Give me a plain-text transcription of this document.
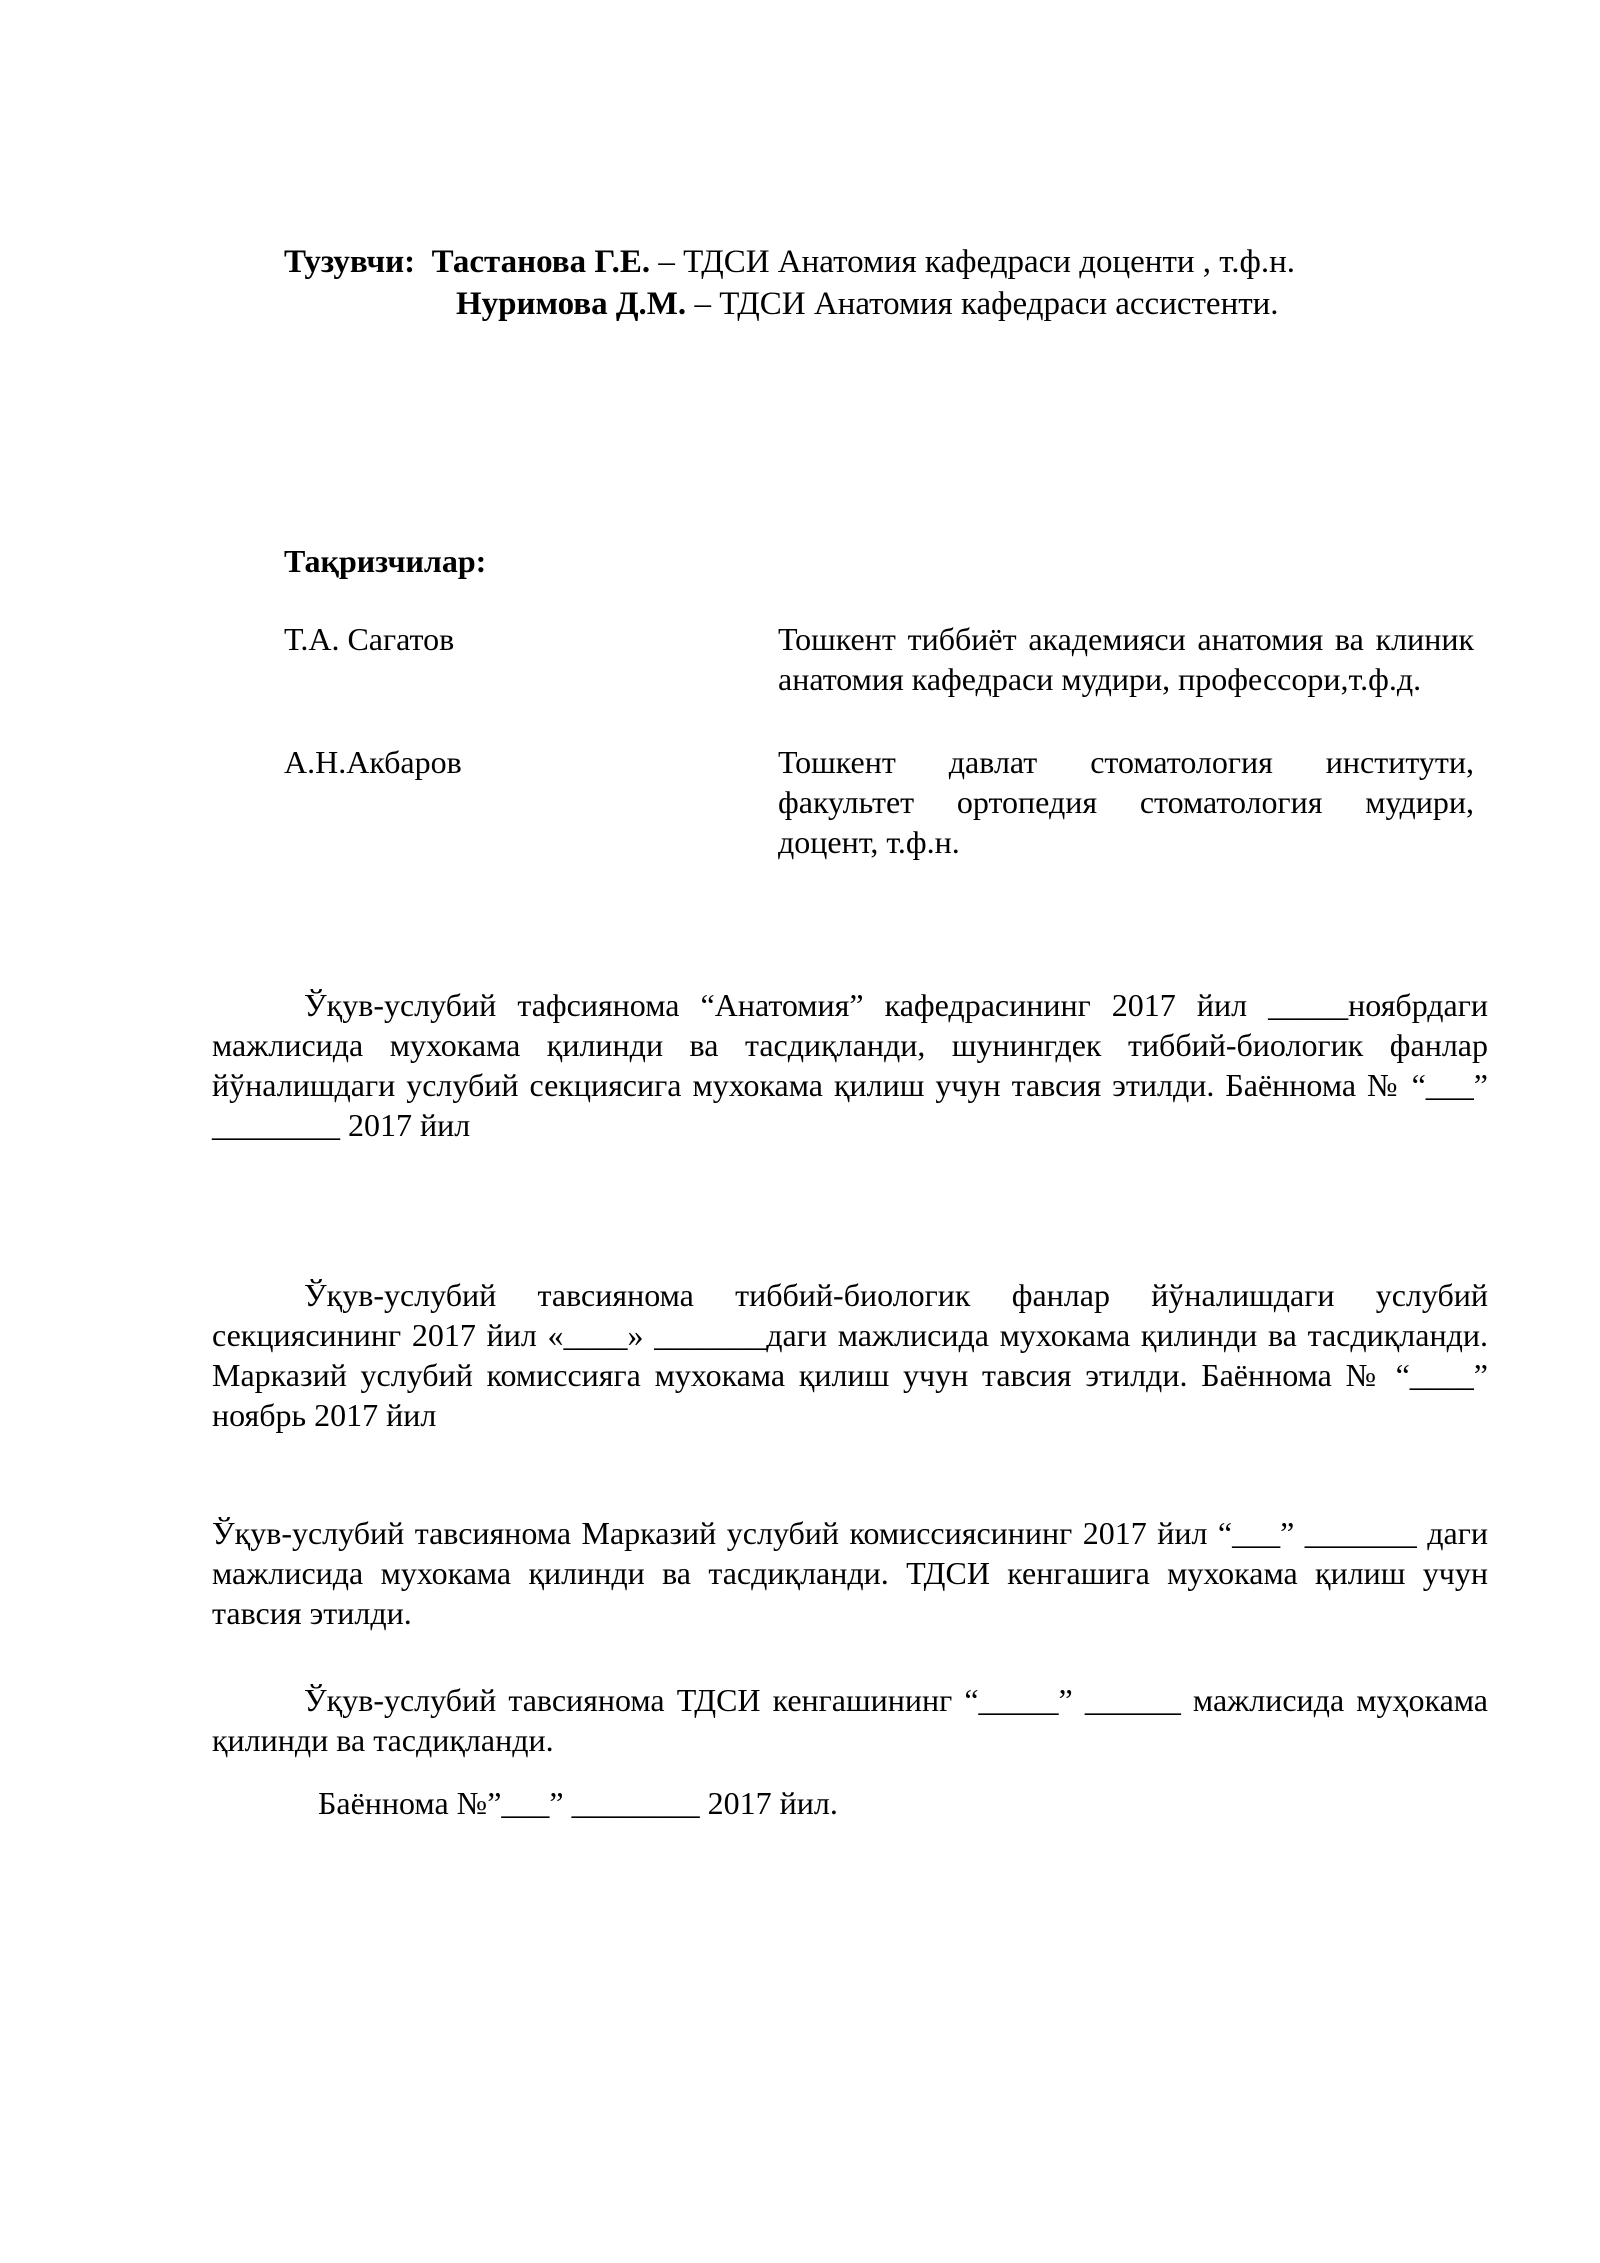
Тузувчи: Тастанова Г.Е. – ТДСИ Анатомия кафедраси доценти , т.ф.н.
Нуримова Д.М. – ТДСИ Анатомия кафедраси ассистенти.
Тақризчилар:
Т.А. Сагатов	Тошкент тиббиёт академияси анатомия ва клиник анатомия кафедраси мудири, профессори,т.ф.д.
А.Н.Акбаров	Тошкент давлат стоматология институти, факультет ортопедия стоматология мудири, доцент, т.ф.н.
Ўқув-услубий тафсиянома “Анатомия” кафедрасининг 2017 йил _____ноябрдаги мажлисида мухокама қилинди ва тасдиқланди, шунингдек тиббий-биологик фанлар йўналишдаги услубий секциясига мухокама қилиш учун тавсия этилди. Баённома № “___” ________ 2017 йил
Ўқув-услубий тавсиянома тиббий-биологик фанлар йўналишдаги услубий секциясининг 2017 йил «____» _______даги мажлисида мухокама қилинди ва тасдиқланди. Марказий услубий комиссияга мухокама қилиш учун тавсия этилди. Баённома № “____” ноябрь 2017 йил
Ўқув-услубий тавсиянома Марказий услубий комиссиясининг 2017 йил “___” _______ даги мажлисида мухокама қилинди ва тасдиқланди. ТДСИ кенгашига мухокама қилиш учун тавсия этилди.
Ўқув-услубий тавсиянома ТДСИ кенгашининг “_____” ______ мажлисида муҳокама қилинди ва тасдиқланди.
Баённома №”___” ________ 2017 йил.
